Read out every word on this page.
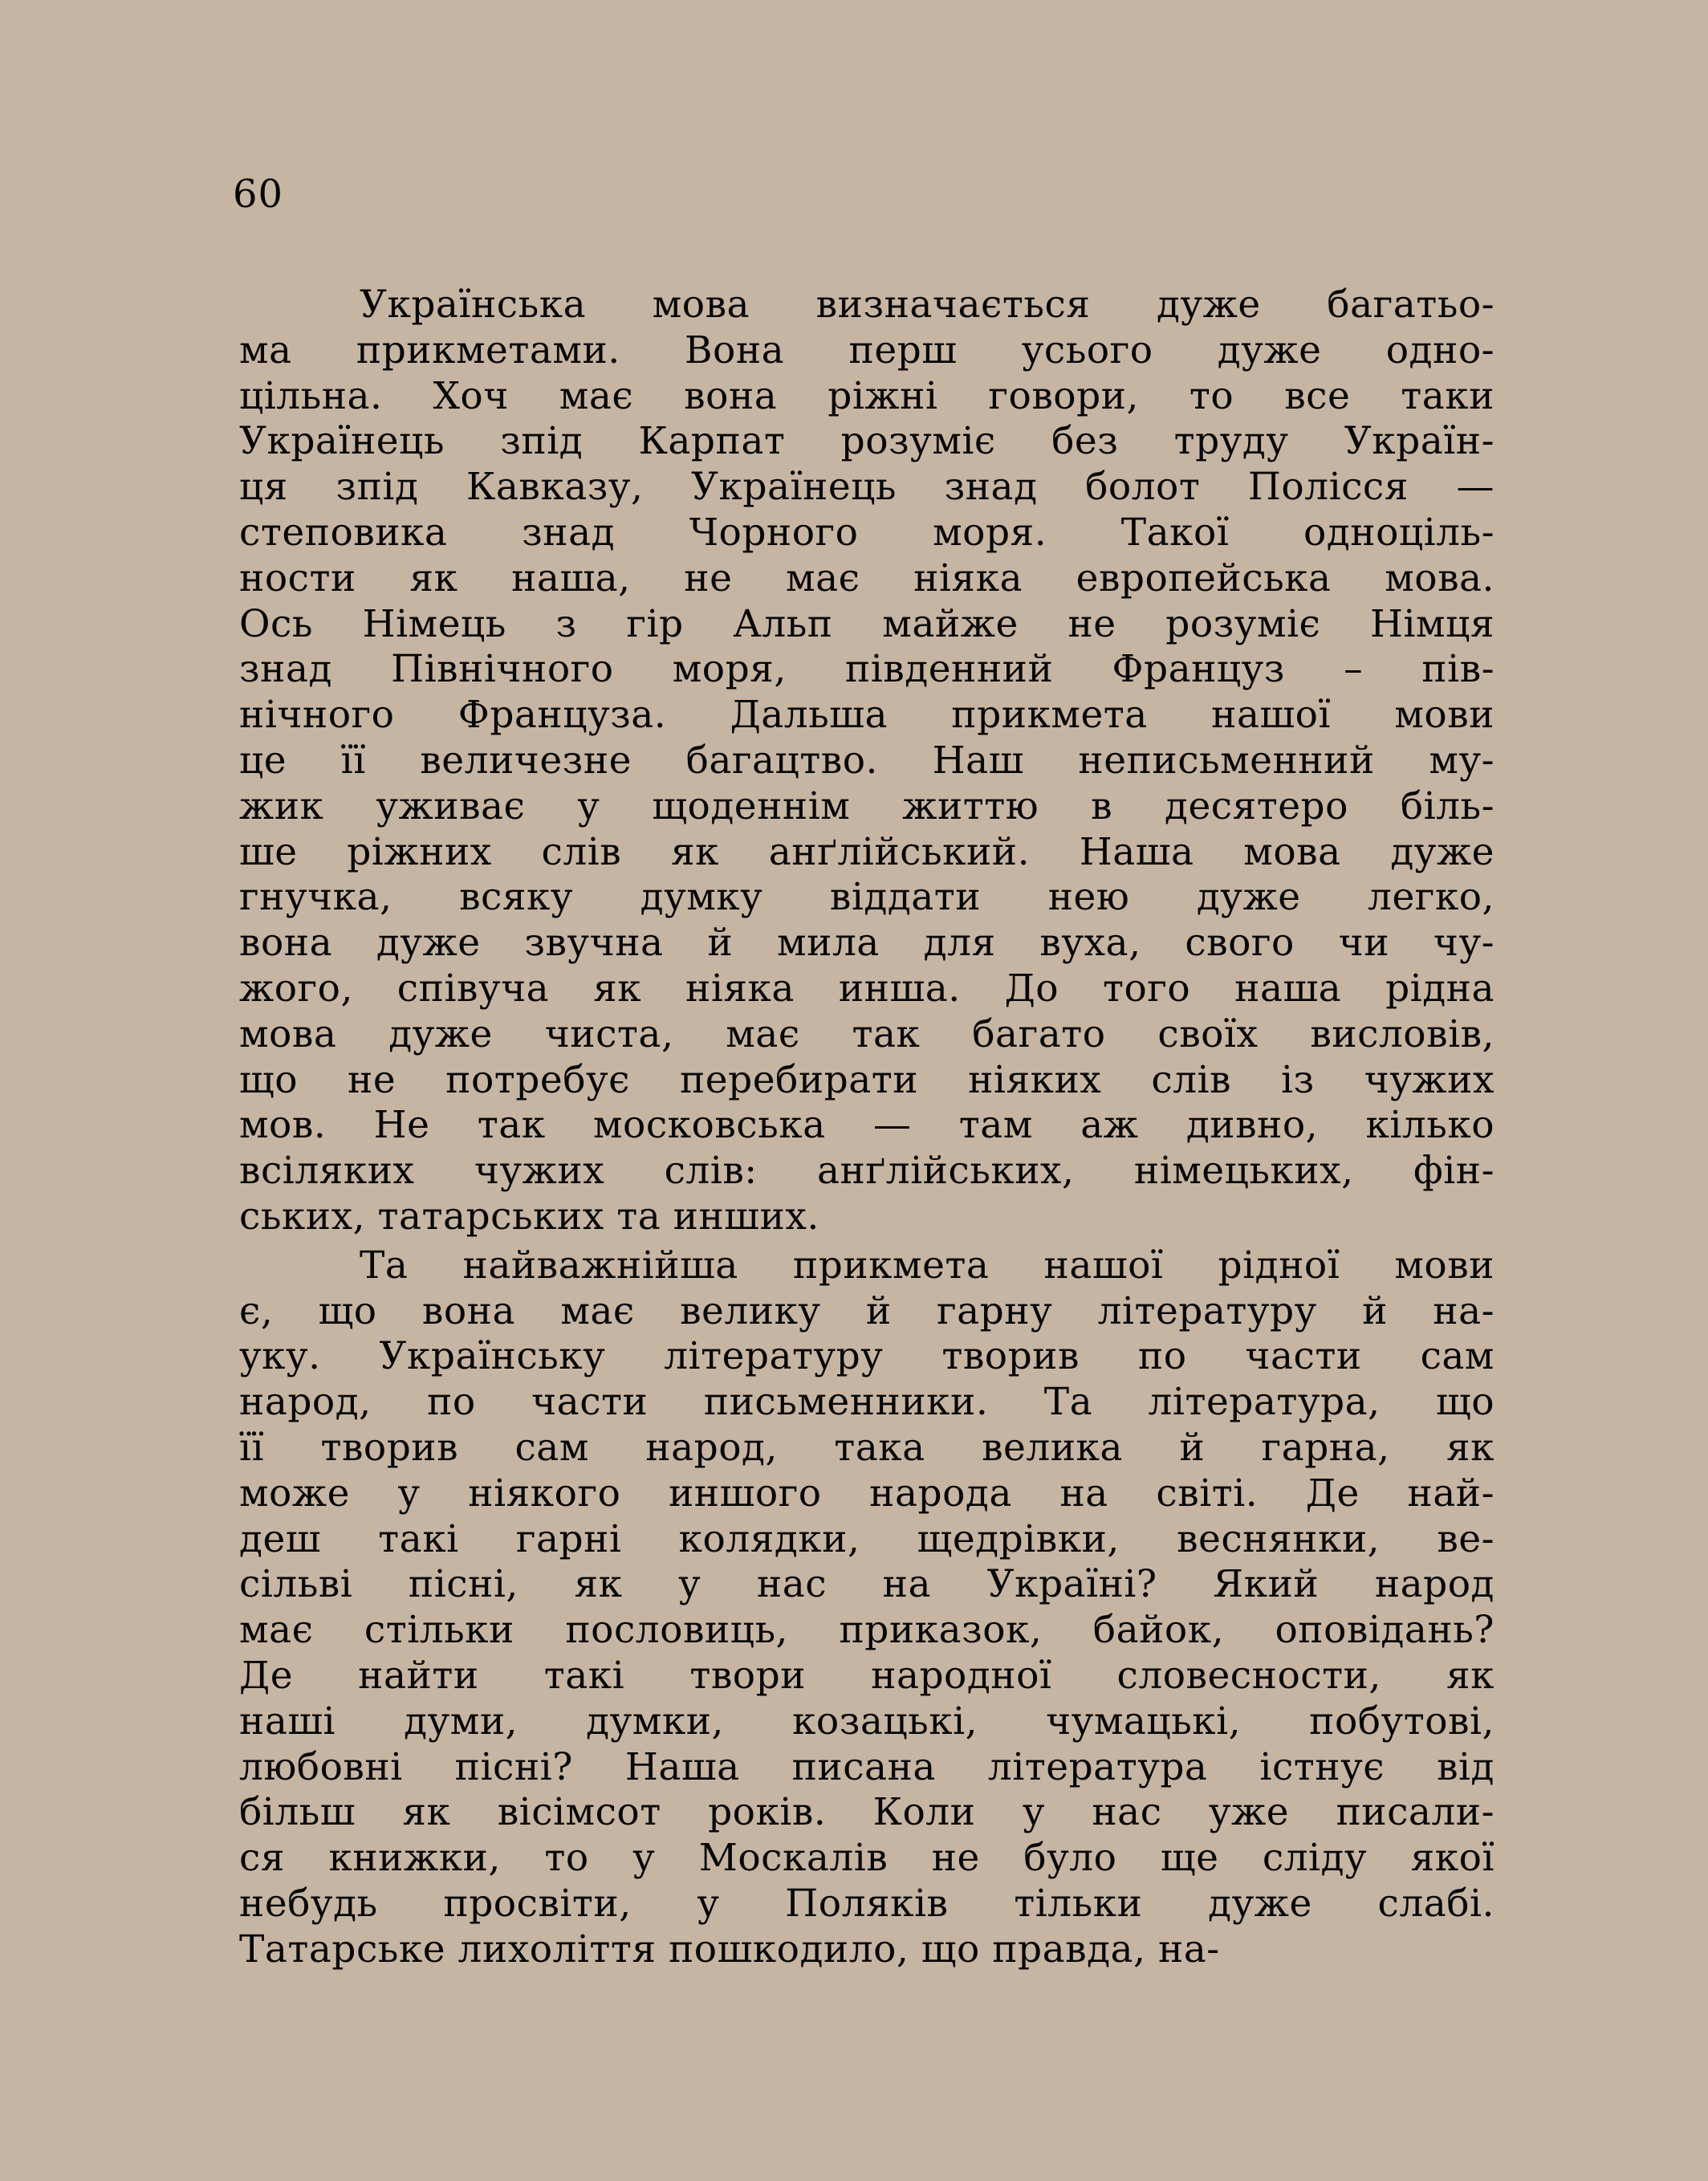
60

Українська мова визначається дуже багатьо-
ма прикметами. Вона перш усього дуже одно-
цільна. Хоч має вона ріжні говори, то все таки
Українець зпід Карпат розуміє без труду Україн-
ця зпід Кавказу, Українець знад болот Полісся —
степовика знад Чорного моря. Такої одноціль-
ности як наша, не має ніяка европейська мова.
Ось Німець з гір Альп майже не розуміє Німця
знад Північного моря, південний Француз – пів-
нічного Француза. Дальша прикмета нашої мови
це її величезне багацтво. Наш неписьменний му-
жик уживає у щоденнім життю в десятеро біль-
ше ріжних слів як анґлійський. Наша мова дуже
гнучка, всяку думку віддати нею дуже легко,
вона дуже звучна й мила для вуха, свого чи чу-
жого, співуча як ніяка инша. До того наша рідна
мова дуже чиста, має так багато своїх висловів,
що не потребує перебирати ніяких слів із чужих
мов. Не так московська — там аж дивно, кілько
всіляких чужих слів: анґлійських, німецьких, фін-
ських, татарських та инших.

Та найважнійша прикмета нашої рідної мови
є, що вона має велику й гарну літературу й на-
уку. Українську літературу творив по части сам
народ, по части письменники. Та література, що
її творив сам народ, така велика й гарна, як
може у ніякого иншого народа на світі. Де най-
деш такі гарні колядки, щедрівки, веснянки, ве-
сільві пісні, як у нас на Україні? Який народ
має стільки пословиць, приказок, байок, оповідань?
Де найти такі твори народної словесности, як
наші думи, думки, козацькі, чумацькі, побутові,
любовні пісні? Наша писана література істнує від
більш як вісімсот років. Коли у нас уже писали-
ся книжки, то у Москалів не було ще сліду якої
небудь просвіти, у Поляків тільки дуже слабі.
Татарське лихоліття пошкодило, що правда, на-
